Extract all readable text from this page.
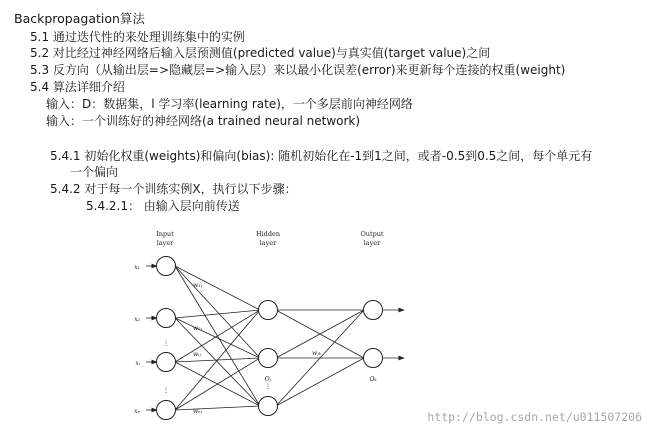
Backpropagation算法
5.1 通过迭代性的来处理训练集中的实例
5.2 对比经过神经网络后输入层预测值(predicted value)与真实值(target value)之间
5.3 反方向（从输出层=>隐藏层=>输入层）来以最小化误差(error)来更新每个连接的权重(weight)
5.4 算法详细介绍
输入：D：数据集，l 学习率(learning rate)，一个多层前向神经网络
输入：一个训练好的神经网络(a trained neural network)
5.4.1 初始化权重(weights)和偏向(bias): 随机初始化在-1到1之间，或者-0.5到0.5之间，每个单元有
一个偏向
5.4.2 对于每一个训练实例X，执行以下步骤：
5.4.2.1： 由输入层向前传送
Input
layer
Hidden
layer
Output
layer
x₁
x₂
xᵢ
xₙ
⋮
⋮	⋮
w₁ⱼ
w₂ⱼ
wᵢⱼ
wₙⱼ
wⱼₖ
Oⱼ	Oₖ
http://blog.csdn.net/u011507206
